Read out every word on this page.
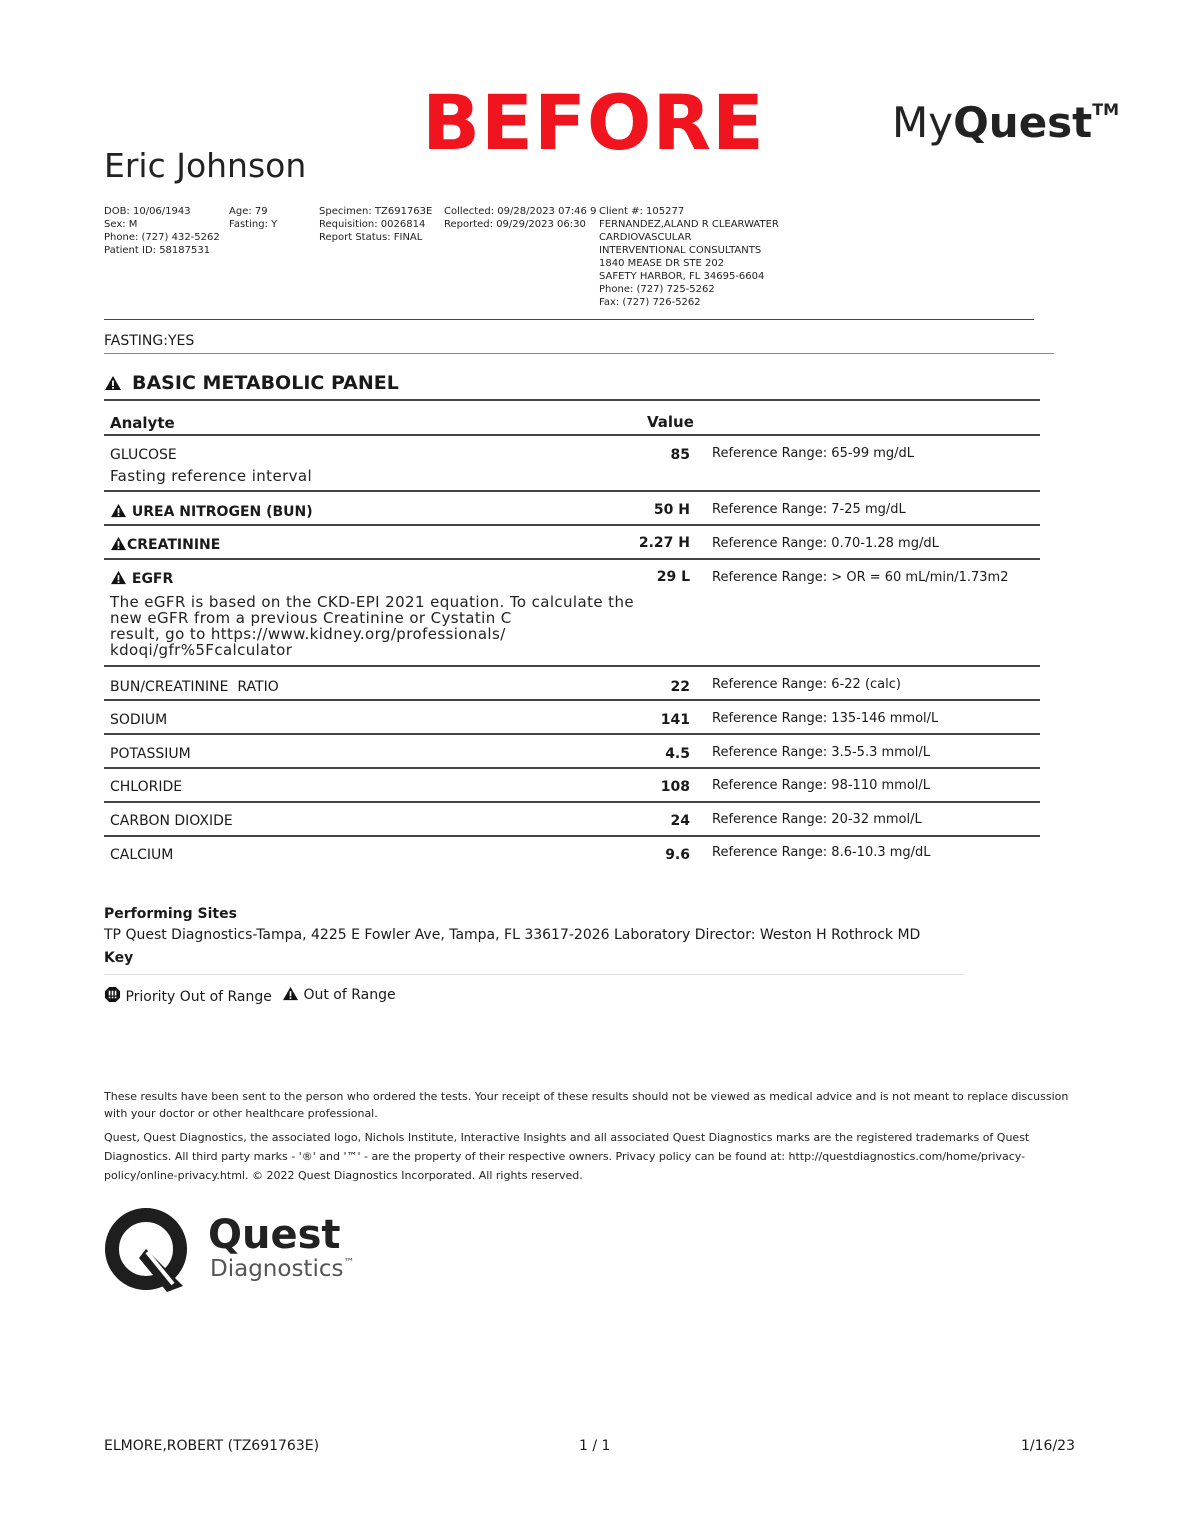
BEFORE	MyQuest™
Eric Johnson
DOB: 10/06/1943
Sex: M
Phone: (727) 432-5262
Patient ID: 58187531
Age: 79
Fasting: Y
Specimen: TZ691763E
Requisition: 0026814
Report Status: FINAL
Collected: 09/28/2023 07:46 9
Reported: 09/29/2023 06:30
Client #: 105277
FERNANDEZ,ALAND R CLEARWATER
CARDIOVASCULAR
INTERVENTIONAL CONSULTANTS
1840 MEASE DR STE 202
SAFETY HARBOR, FL 34695-6604
Phone: (727) 725-5262
Fax: (727) 726-5262
FASTING:YES
BASIC METABOLIC PANEL
Analyte	Value
GLUCOSE	85 Reference Range: 65-99 mg/dL
Fasting reference interval
UREA NITROGEN (BUN)	50 H Reference Range: 7-25 mg/dL
CREATININE	2.27 H Reference Range: 0.70-1.28 mg/dL
EGFR	29 L Reference Range: > OR = 60 mL/min/1.73m2
The eGFR is based on the CKD-EPI 2021 equation. To calculate the
new eGFR from a previous Creatinine or Cystatin C
result, go to https://www.kidney.org/professionals/
kdoqi/gfr%5Fcalculator
BUN/CREATININE  RATIO	22 Reference Range: 6-22 (calc)
SODIUM	141 Reference Range: 135-146 mmol/L
POTASSIUM	4.5 Reference Range: 3.5-5.3 mmol/L
CHLORIDE	108 Reference Range: 98-110 mmol/L
CARBON DIOXIDE	24 Reference Range: 20-32 mmol/L
CALCIUM	9.6 Reference Range: 8.6-10.3 mg/dL
Performing Sites
TP Quest Diagnostics-Tampa, 4225 E Fowler Ave, Tampa, FL 33617-2026 Laboratory Director: Weston H Rothrock MD
Key
Priority Out of Range	Out of Range
These results have been sent to the person who ordered the tests. Your receipt of these results should not be viewed as medical advice and is not meant to replace discussion with your doctor or other healthcare professional.
Quest, Quest Diagnostics, the associated logo, Nichols Institute, Interactive Insights and all associated Quest Diagnostics marks are the registered trademarks of Quest Diagnostics. All third party marks - '®' and '™' - are the property of their respective owners. Privacy policy can be found at: http://questdiagnostics.com/home/privacy-policy/online-privacy.html. © 2022 Quest Diagnostics Incorporated. All rights reserved.
Quest
Diagnostics™
ELMORE,ROBERT (TZ691763E)	1 / 1	1/16/23
